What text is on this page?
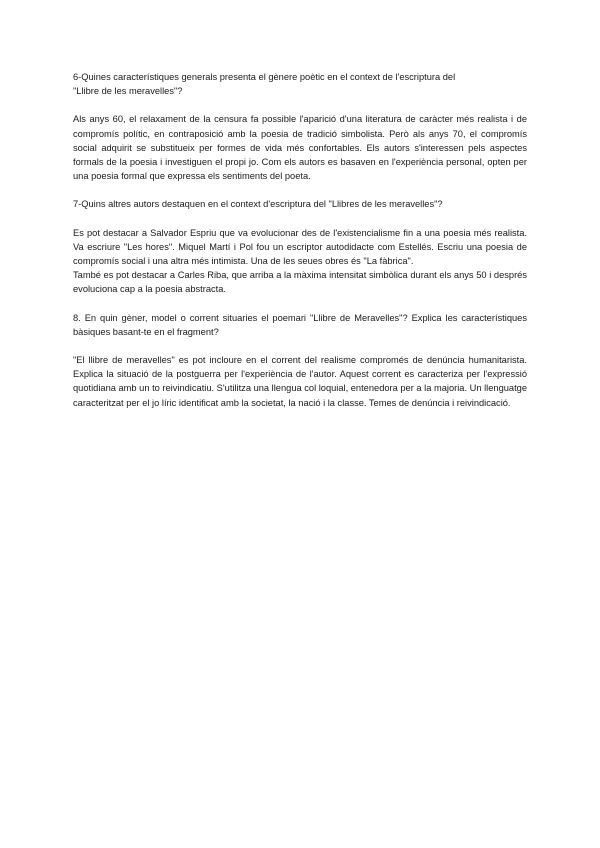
6-Quines característiques generals presenta el gènere poètic en el context de l'escriptura del "Llibre de les meravelles"?
Als anys 60, el relaxament de la censura fa possible l'aparició d'una literatura de caràcter més realista i de compromís polític, en contraposició amb la poesia de tradició simbolista. Però als anys 70, el compromís social adquirit se substitueix per formes de vida més confortables. Els autors s'interessen pels aspectes formals de la poesia i investiguen el propi jo. Com els autors es basaven en l'experiència personal, opten per una poesia formal que expressa els sentiments del poeta.
7-Quins altres autors destaquen en el context d'escriptura del "Llibres de les meravelles"?
Es pot destacar a Salvador Espriu que va evolucionar des de l'existencialisme fin a una poesia més realista. Va escriure "Les hores". Miquel Martí i Pol fou un escriptor autodidacte com Estellés. Escriu una poesia de compromís social i una altra més intimista. Una de les seues obres és "La fàbrica".
També es pot destacar a Carles Riba, que arriba a la màxima intensitat simbòlica durant els anys 50 i després evoluciona cap a la poesia abstracta.
8. En quin gèner, model o corrent situaries el poemari "Llibre de Meravelles"? Explica les característiques bàsiques basant-te en el fragment?
"El llibre de meravelles" es pot incloure en el corrent del realisme compromés de denúncia humanitarista. Explica la situació de la postguerra per l'experiència de l'autor. Aquest corrent es caracteriza per l'expressió quotidiana amb un to reivindicatiu. S'utilitza una llengua col loquial, entenedora per a la majoria. Un llenguatge caracteritzat per el jo líric identificat amb la societat, la nació i la classe. Temes de denúncia i reivindicació.
